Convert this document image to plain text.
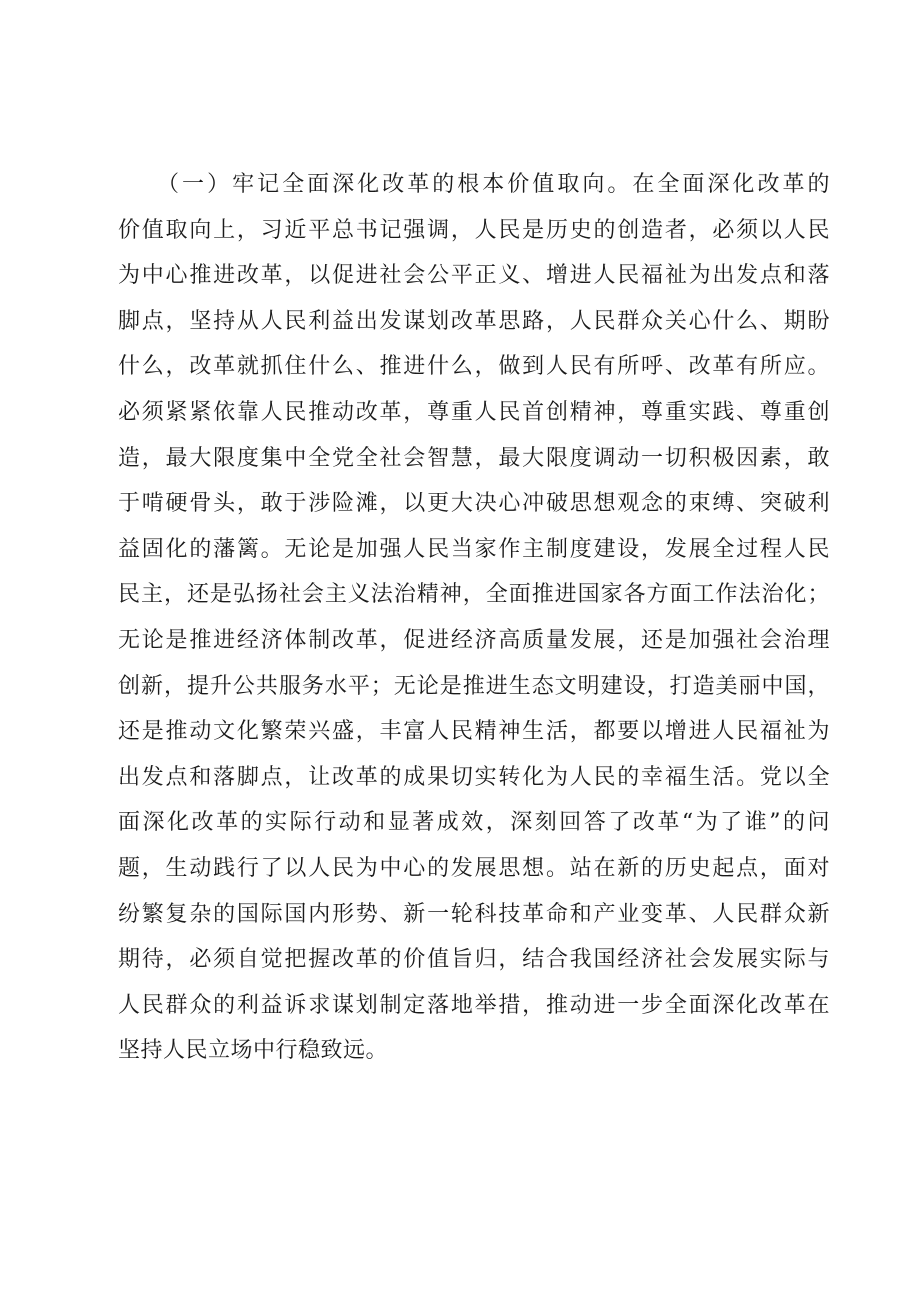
　　（一）牢记全面深化改革的根本价值取向。在全面深化改革的
价值取向上，习近平总书记强调，人民是历史的创造者，必须以人民
为中心推进改革，以促进社会公平正义、增进人民福祉为出发点和落
脚点，坚持从人民利益出发谋划改革思路，人民群众关心什么、期盼
什么，改革就抓住什么、推进什么，做到人民有所呼、改革有所应。
必须紧紧依靠人民推动改革，尊重人民首创精神，尊重实践、尊重创
造，最大限度集中全党全社会智慧，最大限度调动一切积极因素，敢
于啃硬骨头，敢于涉险滩，以更大决心冲破思想观念的束缚、突破利
益固化的藩篱。无论是加强人民当家作主制度建设，发展全过程人民
民主，还是弘扬社会主义法治精神，全面推进国家各方面工作法治化；
无论是推进经济体制改革，促进经济高质量发展，还是加强社会治理
创新，提升公共服务水平；无论是推进生态文明建设，打造美丽中国，
还是推动文化繁荣兴盛，丰富人民精神生活，都要以增进人民福祉为
出发点和落脚点，让改革的成果切实转化为人民的幸福生活。党以全
面深化改革的实际行动和显著成效，深刻回答了改革“为了谁”的问
题，生动践行了以人民为中心的发展思想。站在新的历史起点，面对
纷繁复杂的国际国内形势、新一轮科技革命和产业变革、人民群众新
期待，必须自觉把握改革的价值旨归，结合我国经济社会发展实际与
人民群众的利益诉求谋划制定落地举措，推动进一步全面深化改革在
坚持人民立场中行稳致远。
